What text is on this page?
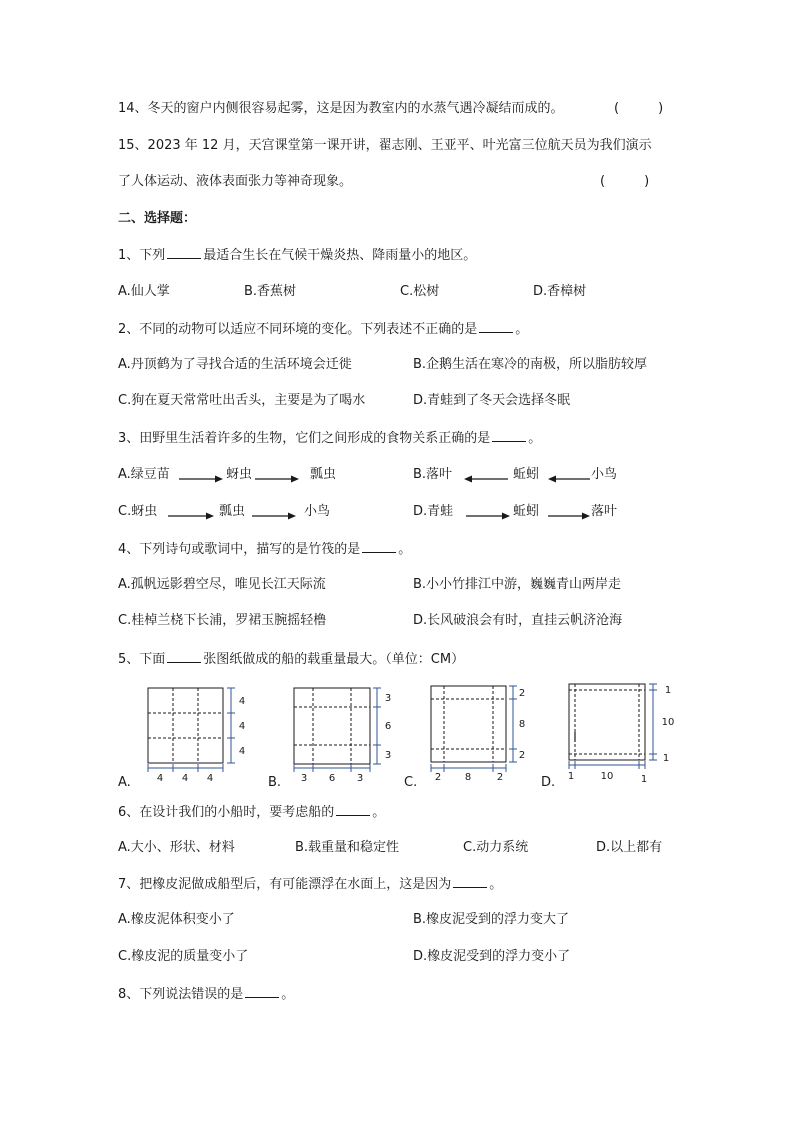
14、冬天的窗户内侧很容易起雾，这是因为教室内的水蒸气遇冷凝结而成的。	(　　　)
15、2023 年 12 月，天宫课堂第一课开讲，翟志刚、王亚平、叶光富三位航天员为我们演示
了人体运动、液体表面张力等神奇现象。	(　　　)
二、选择题：
1、下列	最适合生长在气候干燥炎热、降雨量小的地区。
A.仙人掌	B.香蕉树	C.松树	D.香樟树
2、不同的动物可以适应不同环境的变化。下列表述不正确的是	。
A.丹顶鹤为了寻找合适的生活环境会迁徙	B.企鹅生活在寒冷的南极，所以脂肪较厚
C.狗在夏天常常吐出舌头，主要是为了喝水	D.青蛙到了冬天会选择冬眠
3、田野里生活着许多的生物，它们之间形成的食物关系正确的是	。
A.绿豆苗	蚜虫	瓢虫	B.落叶	蚯蚓	小鸟
C.蚜虫	瓢虫	小鸟	D.青蛙	蚯蚓	落叶
4、下列诗句或歌词中，描写的是竹筏的是	。
A.孤帆远影碧空尽，唯见长江天际流	B.小小竹排江中游，巍巍青山两岸走
C.桂棹兰桡下长浦，罗裙玉腕摇轻橹	D.长风破浪会有时，直挂云帆济沧海
5、下面	张图纸做成的船的载重量最大。（单位：CM）
A.	4 4 4
4
4
4
B. 3 6 3
3
6
3
C. 2 8	2
2
8
2
D. 1	10	1
1
10
1
6、在设计我们的小船时，要考虑船的	。
A.大小、形状、材料	B.载重量和稳定性	C.动力系统	D.以上都有
7、把橡皮泥做成船型后，有可能漂浮在水面上，这是因为	。
A.橡皮泥体积变小了	B.橡皮泥受到的浮力变大了
C.橡皮泥的质量变小了	D.橡皮泥受到的浮力变小了
8、下列说法错误的是	。
